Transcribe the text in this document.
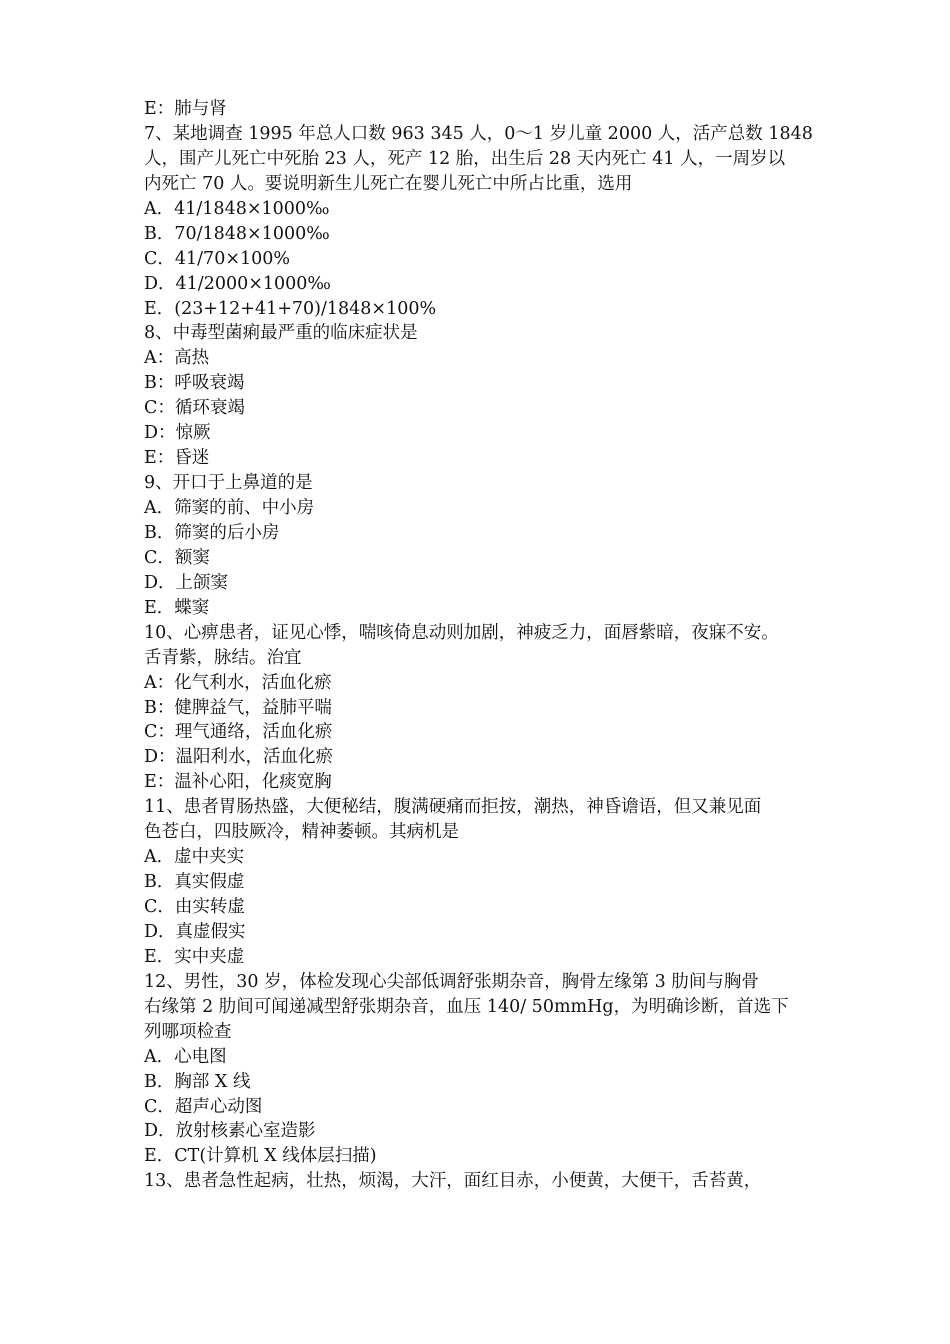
E：肺与肾
7、某地调查 1995 年总人口数 963 345 人，0～1 岁儿童 2000 人，活产总数 1848
人，围产儿死亡中死胎 23 人，死产 12 胎，出生后 28 天内死亡 41 人，一周岁以
内死亡 70 人。要说明新生儿死亡在婴儿死亡中所占比重，选用
A．41/1848×1000‰
B．70/1848×1000‰
C．41/70×100%
D．41/2000×1000‰
E．(23+12+41+70)/1848×100%
8、中毒型菌痢最严重的临床症状是
A：高热
B：呼吸衰竭
C：循环衰竭
D：惊厥
E：昏迷
9、开口于上鼻道的是
A．筛窦的前、中小房
B．筛窦的后小房
C．额窦
D．上颌窦
E．蝶窦
10、心痹患者，证见心悸，喘咳倚息动则加剧，神疲乏力，面唇紫暗，夜寐不安。
舌青紫，脉结。治宜
A：化气利水，活血化瘀
B：健脾益气，益肺平喘
C：理气通络，活血化瘀
D：温阳利水，活血化瘀
E：温补心阳，化痰宽胸
11、患者胃肠热盛，大便秘结，腹满硬痛而拒按，潮热，神昏谵语，但又兼见面
色苍白，四肢厥冷，精神萎顿。其病机是
A．虚中夹实
B．真实假虚
C．由实转虚
D．真虚假实
E．实中夹虚
12、男性，30 岁，体检发现心尖部低调舒张期杂音，胸骨左缘第 3 肋间与胸骨
右缘第 2 肋间可闻递减型舒张期杂音，血压 140/ 50mmHg，为明确诊断，首选下
列哪项检查
A．心电图
B．胸部 X 线
C．超声心动图
D．放射核素心室造影
E．CT(计算机 X 线体层扫描)
13、患者急性起病，壮热，烦渴，大汗，面红目赤，小便黄，大便干，舌苔黄，
